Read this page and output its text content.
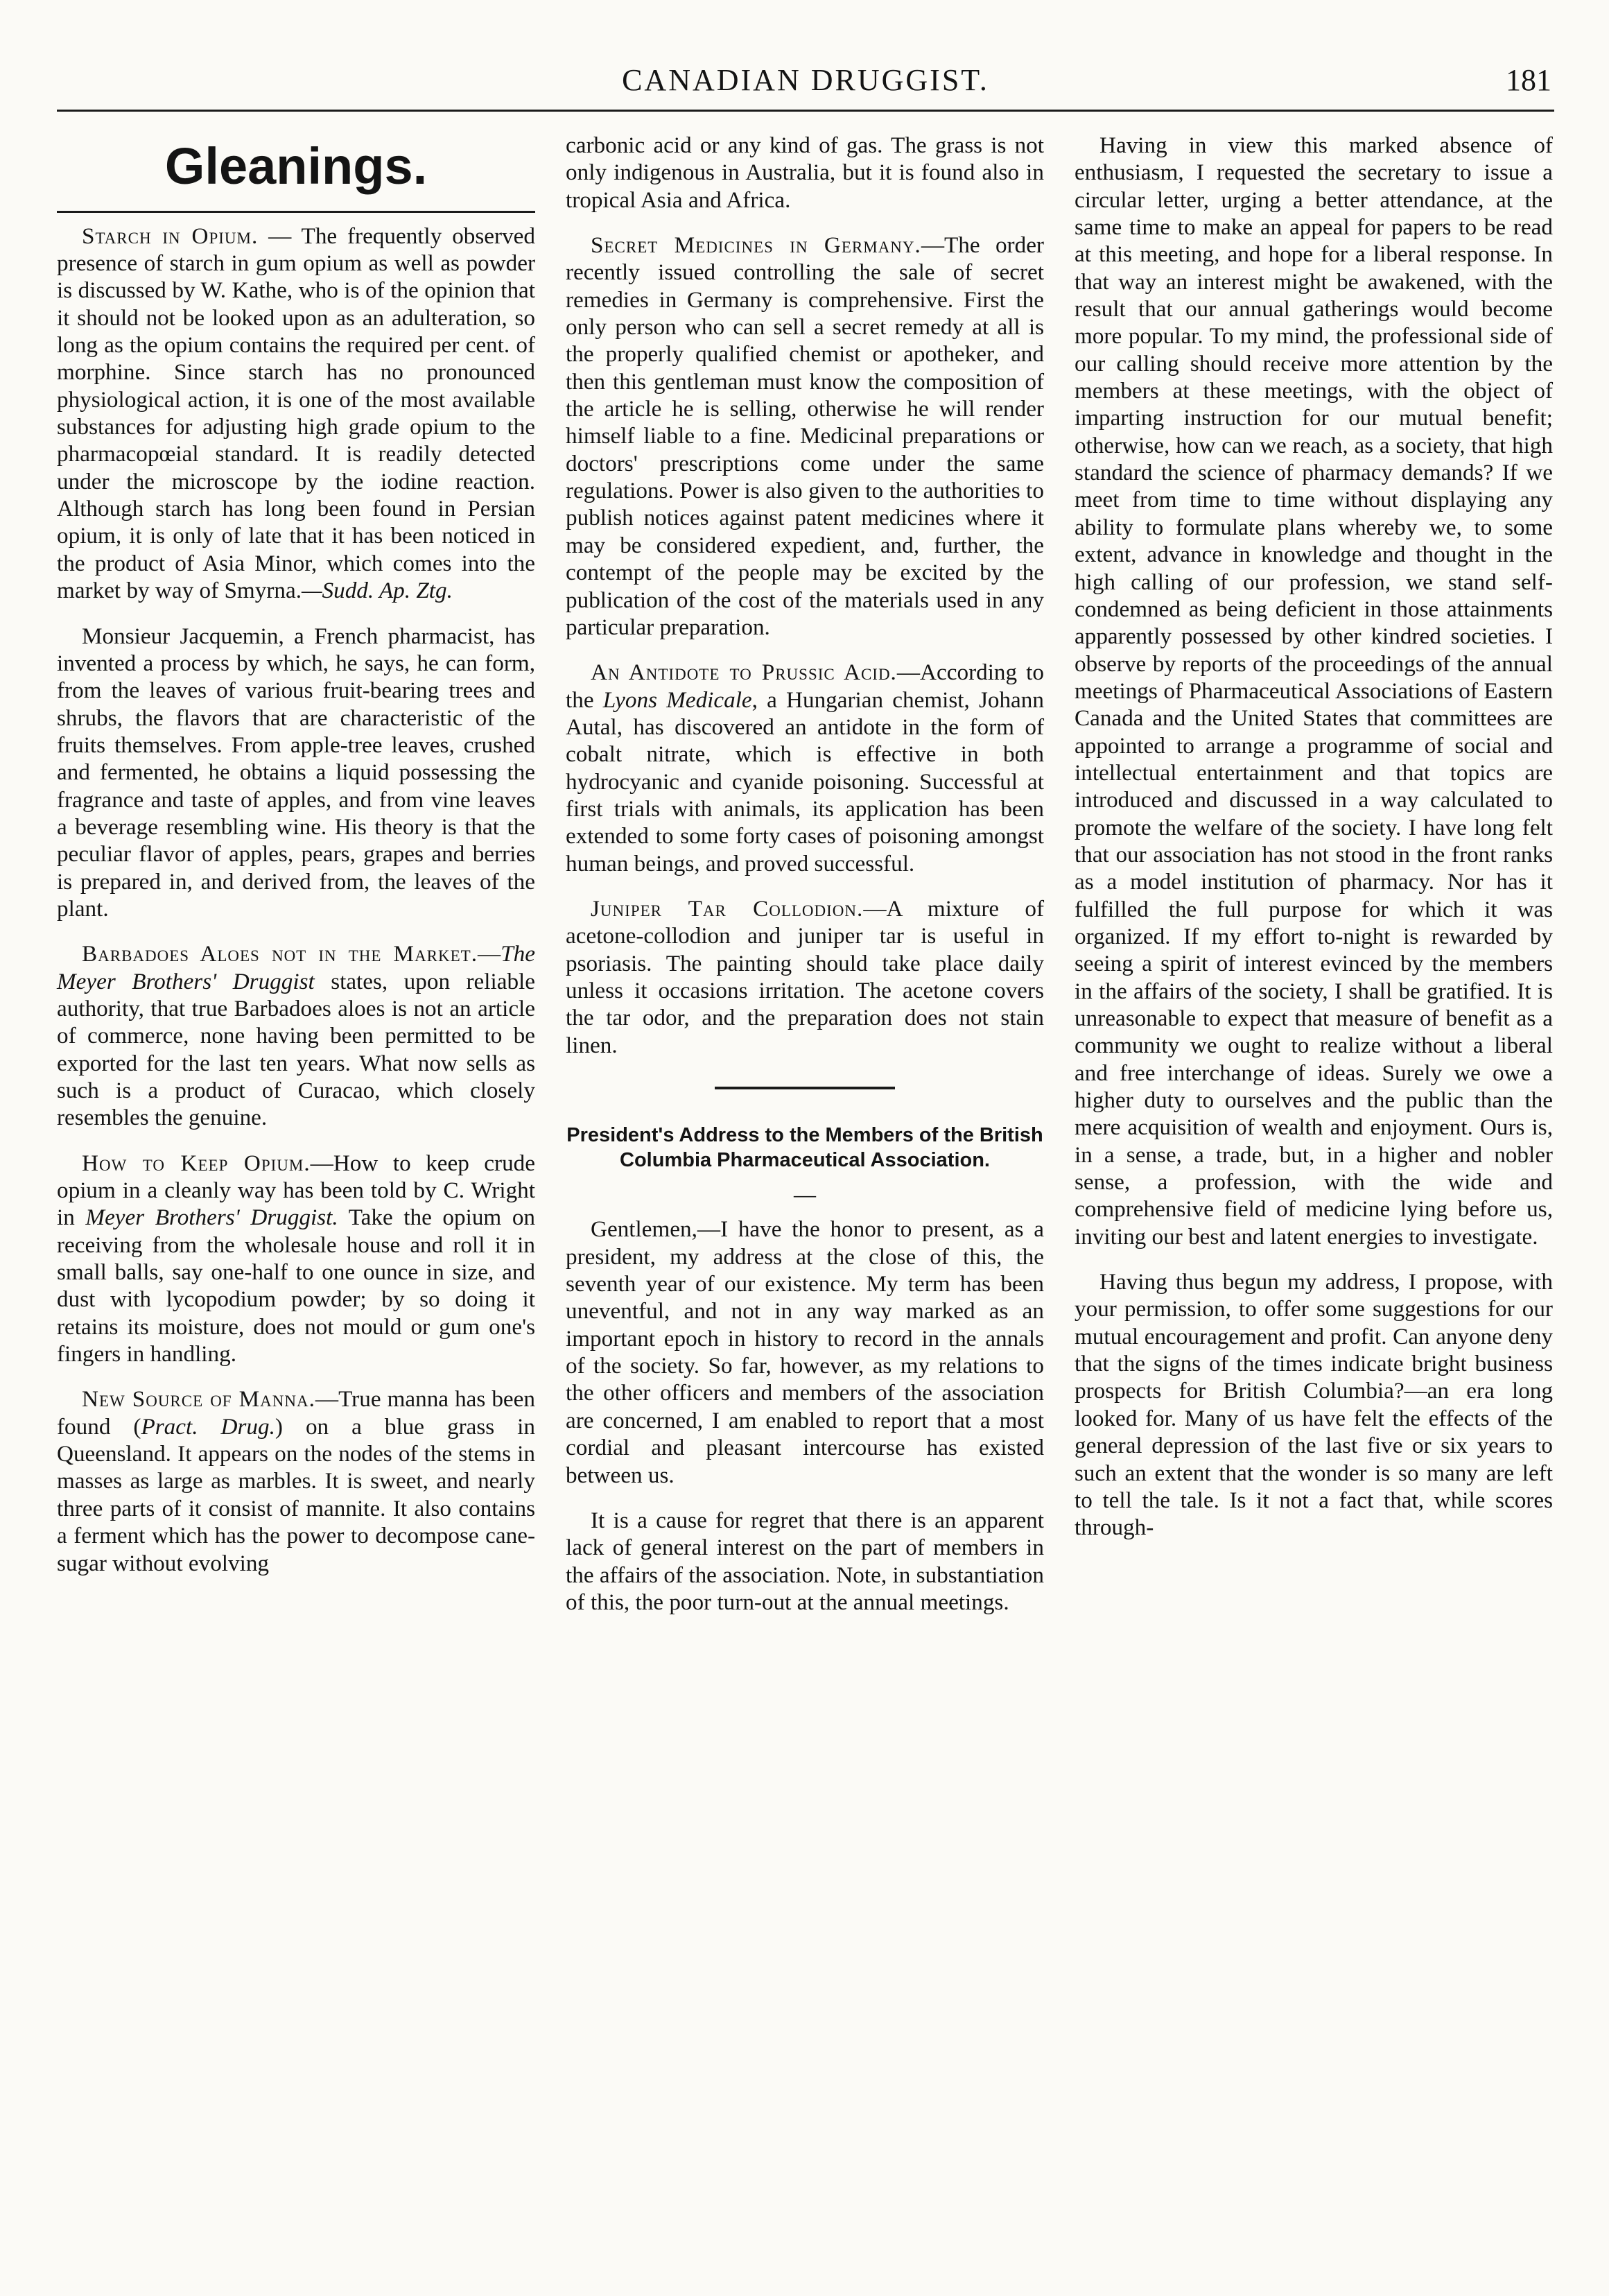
CANADIAN DRUGGIST.	181
Gleanings.

Starch in Opium. — The frequently observed presence of starch in gum opium as well as powder is discussed by W. Kathe, who is of the opinion that it should not be looked upon as an adulteration, so long as the opium contains the required per cent. of morphine. Since starch has no pronounced physiological action, it is one of the most available substances for adjusting high grade opium to the pharmacopœial standard. It is readily detected under the microscope by the iodine reaction. Although starch has long been found in Persian opium, it is only of late that it has been noticed in the product of Asia Minor, which comes into the market by way of Smyrna.—Sudd. Ap. Ztg.

Monsieur Jacquemin, a French pharmacist, has invented a process by which, he says, he can form, from the leaves of various fruit-bearing trees and shrubs, the flavors that are characteristic of the fruits themselves. From apple-tree leaves, crushed and fermented, he obtains a liquid possessing the fragrance and taste of apples, and from vine leaves a beverage resembling wine. His theory is that the peculiar flavor of apples, pears, grapes and berries is prepared in, and derived from, the leaves of the plant.

Barbadoes Aloes not in the Market.—The Meyer Brothers' Druggist states, upon reliable authority, that true Barbadoes aloes is not an article of commerce, none having been permitted to be exported for the last ten years. What now sells as such is a product of Curacao, which closely resembles the genuine.

How to Keep Opium.—How to keep crude opium in a cleanly way has been told by C. Wright in Meyer Brothers' Druggist. Take the opium on receiving from the wholesale house and roll it in small balls, say one-half to one ounce in size, and dust with lycopodium powder; by so doing it retains its moisture, does not mould or gum one's fingers in handling.

New Source of Manna.—True manna has been found (Pract. Drug.) on a blue grass in Queensland. It appears on the nodes of the stems in masses as large as marbles. It is sweet, and nearly three parts of it consist of mannite. It also contains a ferment which has the power to decompose cane-sugar without evolving

carbonic acid or any kind of gas. The grass is not only indigenous in Australia, but it is found also in tropical Asia and Africa.

Secret Medicines in Germany.—The order recently issued controlling the sale of secret remedies in Germany is comprehensive. First the only person who can sell a secret remedy at all is the properly qualified chemist or apotheker, and then this gentleman must know the composition of the article he is selling, otherwise he will render himself liable to a fine. Medicinal preparations or doctors' prescriptions come under the same regulations. Power is also given to the authorities to publish notices against patent medicines where it may be considered expedient, and, further, the contempt of the people may be excited by the publication of the cost of the materials used in any particular preparation.

An Antidote to Prussic Acid.—According to the Lyons Medicale, a Hungarian chemist, Johann Autal, has discovered an antidote in the form of cobalt nitrate, which is effective in both hydrocyanic and cyanide poisoning. Successful at first trials with animals, its application has been extended to some forty cases of poisoning amongst human beings, and proved successful.

Juniper Tar Collodion.—A mixture of acetone-collodion and juniper tar is useful in psoriasis. The painting should take place daily unless it occasions irritation. The acetone covers the tar odor, and the preparation does not stain linen.

President's Address to the Members of the British Columbia Pharmaceutical Association.
—

Gentlemen,—I have the honor to present, as a president, my address at the close of this, the seventh year of our existence. My term has been uneventful, and not in any way marked as an important epoch in history to record in the annals of the society. So far, however, as my relations to the other officers and members of the association are concerned, I am enabled to report that a most cordial and pleasant intercourse has existed between us.

It is a cause for regret that there is an apparent lack of general interest on the part of members in the affairs of the association. Note, in substantiation of this, the poor turn-out at the annual meetings.

Having in view this marked absence of enthusiasm, I requested the secretary to issue a circular letter, urging a better attendance, at the same time to make an appeal for papers to be read at this meeting, and hope for a liberal response. In that way an interest might be awakened, with the result that our annual gatherings would become more popular. To my mind, the professional side of our calling should receive more attention by the members at these meetings, with the object of imparting instruction for our mutual benefit; otherwise, how can we reach, as a society, that high standard the science of pharmacy demands? If we meet from time to time without displaying any ability to formulate plans whereby we, to some extent, advance in knowledge and thought in the high calling of our profession, we stand self-condemned as being deficient in those attainments apparently possessed by other kindred societies. I observe by reports of the proceedings of the annual meetings of Pharmaceutical Associations of Eastern Canada and the United States that committees are appointed to arrange a programme of social and intellectual entertainment and that topics are introduced and discussed in a way calculated to promote the welfare of the society. I have long felt that our association has not stood in the front ranks as a model institution of pharmacy. Nor has it fulfilled the full purpose for which it was organized. If my effort to-night is rewarded by seeing a spirit of interest evinced by the members in the affairs of the society, I shall be gratified. It is unreasonable to expect that measure of benefit as a community we ought to realize without a liberal and free interchange of ideas. Surely we owe a higher duty to ourselves and the public than the mere acquisition of wealth and enjoyment. Ours is, in a sense, a trade, but, in a higher and nobler sense, a profession, with the wide and comprehensive field of medicine lying before us, inviting our best and latent energies to investigate.

Having thus begun my address, I propose, with your permission, to offer some suggestions for our mutual encouragement and profit. Can anyone deny that the signs of the times indicate bright business prospects for British Columbia?—an era long looked for. Many of us have felt the effects of the general depression of the last five or six years to such an extent that the wonder is so many are left to tell the tale. Is it not a fact that, while scores through-
